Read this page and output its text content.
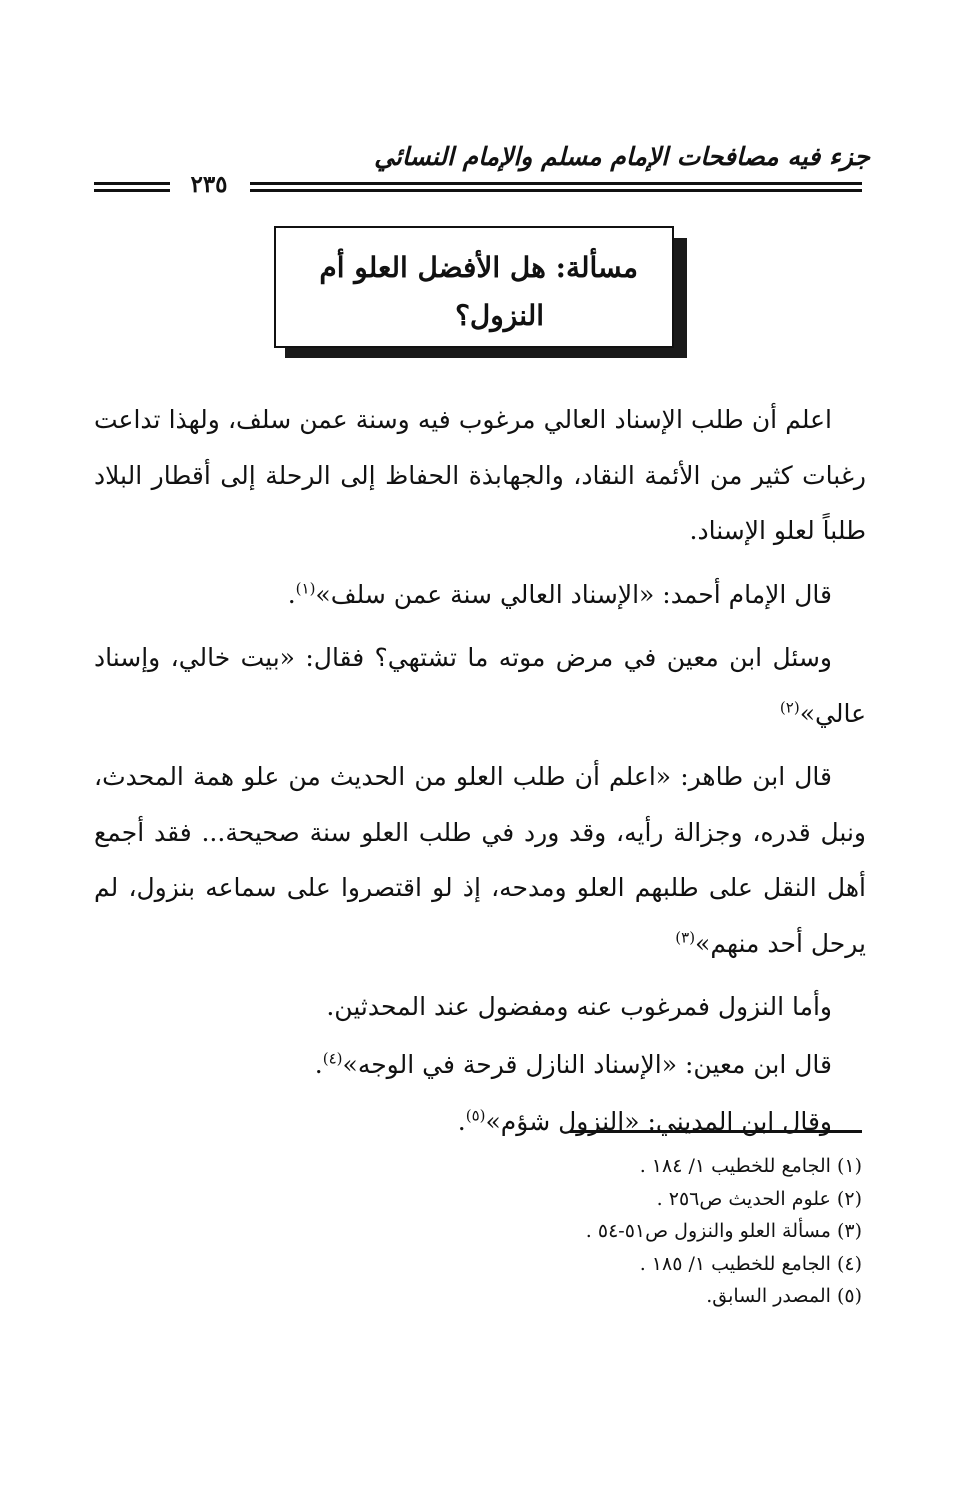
جزء فيه مصافحات الإمام مسلم والإمام النسائي
٢٣٥
مسألة: هل الأفضل العلو أم
النزول؟

اعلم أن طلب الإسناد العالي مرغوب فيه وسنة عمن سلف، ولهذا تداعت رغبات كثير من الأئمة النقاد، والجهابذة الحفاظ إلى الرحلة إلى أقطار البلاد طلباً لعلو الإسناد.

قال الإمام أحمد: «الإسناد العالي سنة عمن سلف»$^{(١)}$.

وسئل ابن معين في مرض موته ما تشتهي؟ فقال: «بيت خالي، وإسناد عالي»$^{(٢)}$

قال ابن طاهر: «اعلم أن طلب العلو من الحديث من علو همة المحدث، ونبل قدره، وجزالة رأيه، وقد ورد في طلب العلو سنة صحيحة... فقد أجمع أهل النقل على طلبهم العلو ومدحه، إذ لو اقتصروا على سماعه بنزول، لم يرحل أحد منهم»$^{(٣)}$

وأما النزول فمرغوب عنه ومفضول عند المحدثين.

قال ابن معين: «الإسناد النازل قرحة في الوجه»$^{(٤)}$.

وقال ابن المديني: «النزول شؤم»$^{(٥)}$.

(١) الجامع للخطيب ١/ ١٨٤ .

(٢) علوم الحديث ص٢٥٦ .

(٣) مسألة العلو والنزول ص٥١-٥٤ .

(٤) الجامع للخطيب ١/ ١٨٥ .

(٥) المصدر السابق.
